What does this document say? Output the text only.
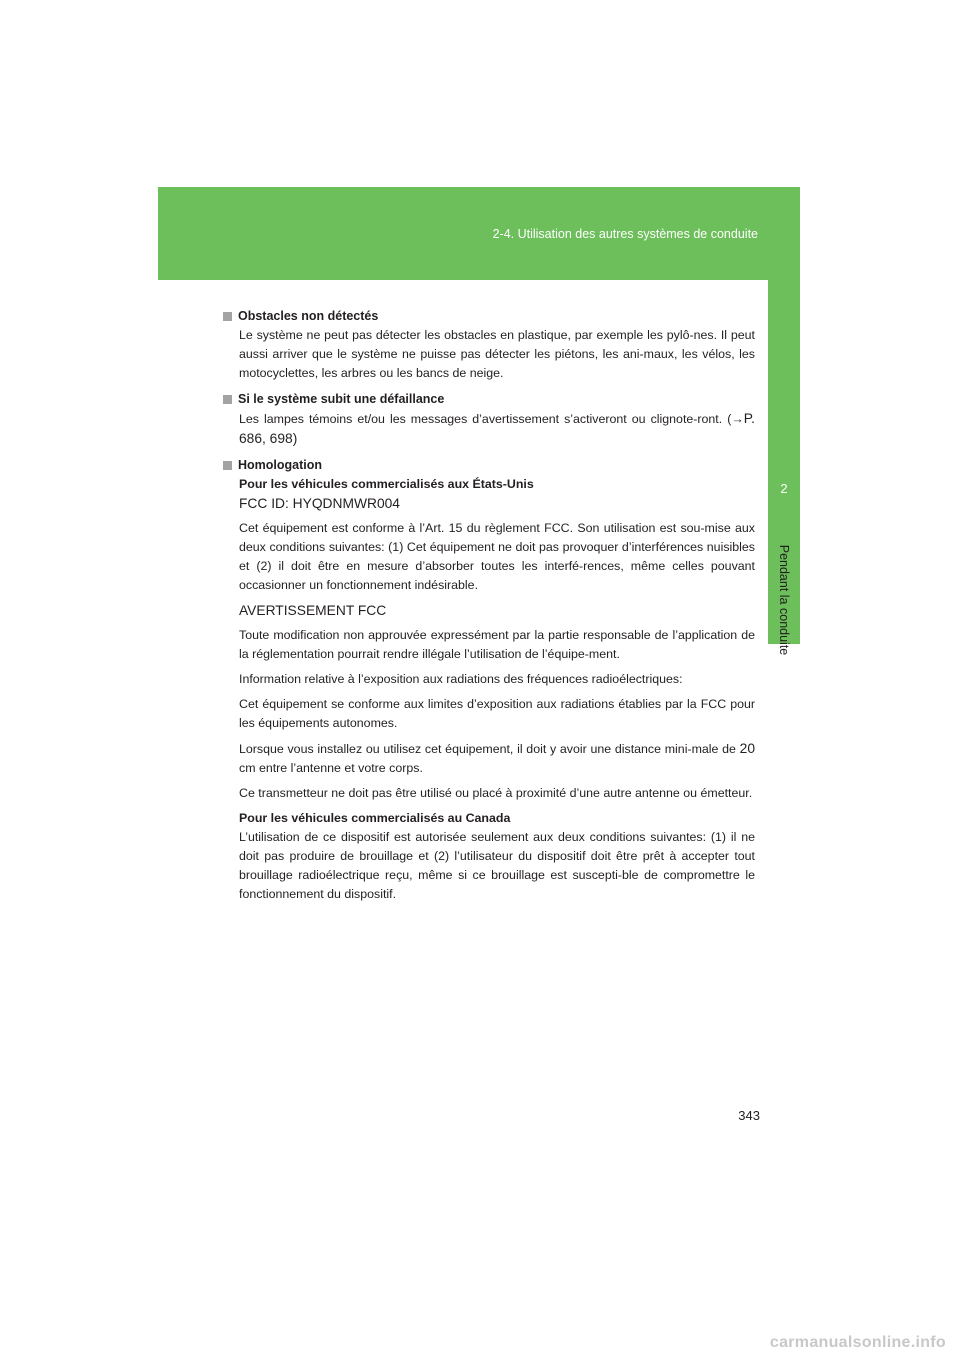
2-4. Utilisation des autres systèmes de conduite
2
Pendant la conduite

Obstacles non détectés

Le système ne peut pas détecter les obstacles en plastique, par exemple les pylô-nes. Il peut aussi arriver que le système ne puisse pas détecter les piétons, les ani-maux, les vélos, les motocyclettes, les arbres ou les bancs de neige.

Si le système subit une défaillance

Les lampes témoins et/ou les messages d’avertissement s’activeront ou clignote-ront. (→P. 686, 698)

Homologation

Pour les véhicules commercialisés aux États-Unis

FCC ID: HYQDNMWR004

Cet équipement est conforme à l’Art. 15 du règlement FCC. Son utilisation est sou-mise aux deux conditions suivantes: (1) Cet équipement ne doit pas provoquer d’interférences nuisibles et (2) il doit être en mesure d’absorber toutes les interfé-rences, même celles pouvant occasionner un fonctionnement indésirable.

AVERTISSEMENT FCC

Toute modification non approuvée expressément par la partie responsable de l’application de la réglementation pourrait rendre illégale l’utilisation de l’équipe-ment.

Information relative à l’exposition aux radiations des fréquences radioélectriques:

Cet équipement se conforme aux limites d’exposition aux radiations établies par la FCC pour les équipements autonomes.

Lorsque vous installez ou utilisez cet équipement, il doit y avoir une distance mini-male de 20 cm entre l’antenne et votre corps.

Ce transmetteur ne doit pas être utilisé ou placé à proximité d’une autre antenne ou émetteur.

Pour les véhicules commercialisés au Canada

L’utilisation de ce dispositif est autorisée seulement aux deux conditions suivantes: (1) il ne doit pas produire de brouillage et (2) l’utilisateur du dispositif doit être prêt à accepter tout brouillage radioélectrique reçu, même si ce brouillage est suscepti-ble de compromettre le fonctionnement du dispositif.

343
carmanualsonline.info
